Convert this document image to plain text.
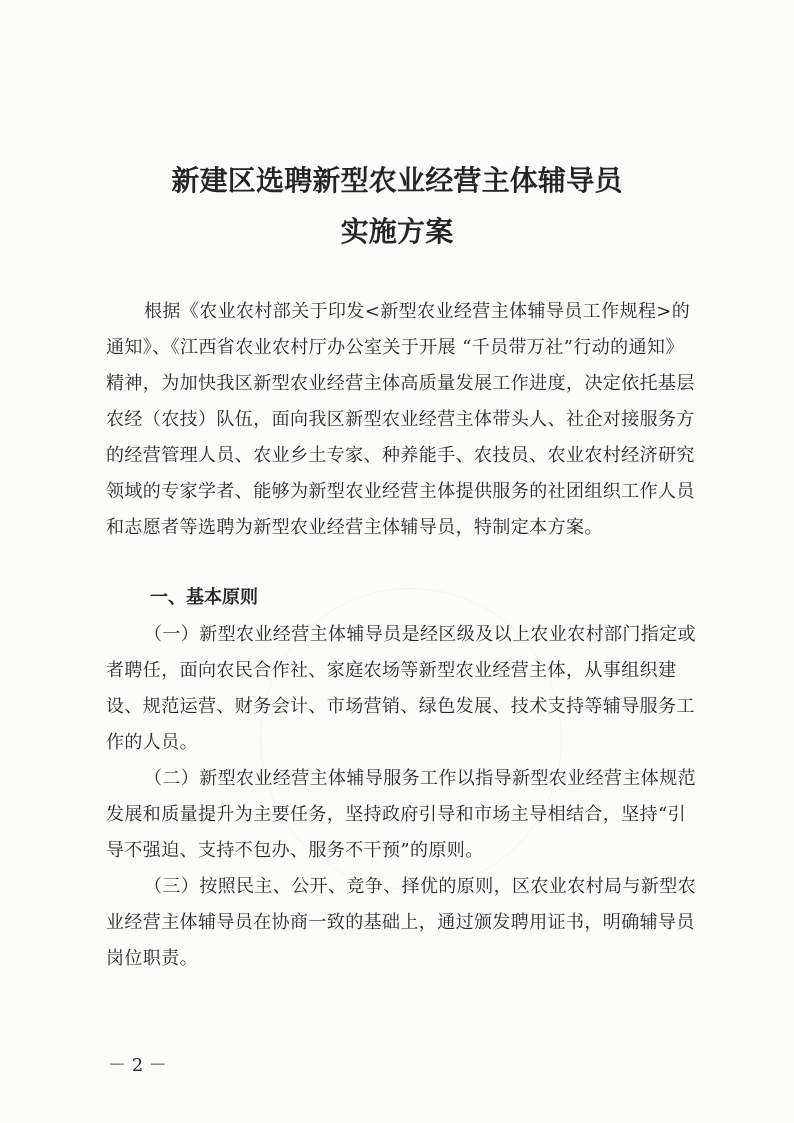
新建区选聘新型农业经营主体辅导员
实施方案

根据《农业农村部关于印发<新型农业经营主体辅导员工作规程>的通知》、《江西省农业农村厅办公室关于开展 “千员带万社”行动的通知》精神，为加快我区新型农业经营主体高质量发展工作进度，决定依托基层农经（农技）队伍，面向我区新型农业经营主体带头人、社企对接服务方的经营管理人员、农业乡土专家、种养能手、农技员、农业农村经济研究领域的专家学者、能够为新型农业经营主体提供服务的社团组织工作人员和志愿者等选聘为新型农业经营主体辅导员，特制定本方案。

一、基本原则

（一）新型农业经营主体辅导员是经区级及以上农业农村部门指定或者聘任，面向农民合作社、家庭农场等新型农业经营主体，从事组织建设、规范运营、财务会计、市场营销、绿色发展、技术支持等辅导服务工作的人员。

（二）新型农业经营主体辅导服务工作以指导新型农业经营主体规范发展和质量提升为主要任务，坚持政府引导和市场主导相结合，坚持“引导不强迫、支持不包办、服务不干预”的原则。

（三）按照民主、公开、竞争、择优的原则，区农业农村局与新型农业经营主体辅导员在协商一致的基础上，通过颁发聘用证书，明确辅导员岗位职责。

－ 2 －
